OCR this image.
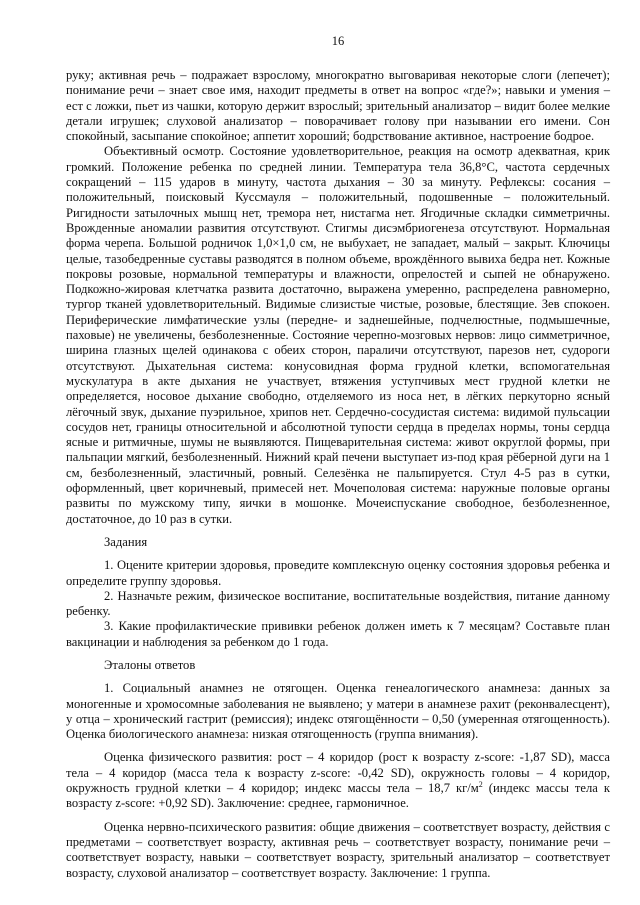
16

руку; активная речь – подражает взрослому, многократно выговаривая некоторые слоги (лепечет); понимание речи – знает свое имя, находит предметы в ответ на вопрос «где?»; навыки и умения – ест с ложки, пьет из чашки, которую держит взрослый; зрительный анализатор – видит более мелкие детали игрушек; слуховой анализатор – поворачивает голову при назывании его имени. Сон спокойный, засыпание спокойное; аппетит хороший; бодрствование активное, настроение бодрое.

Объективный осмотр. Состояние удовлетворительное, реакция на осмотр адекватная, крик громкий. Положение ребенка по средней линии. Температура тела 36,8°С, частота сердечных сокращений – 115 ударов в минуту, частота дыхания – 30 за минуту. Рефлексы: сосания – положительный, поисковый Куссмауля – положительный, подошвенные – положительный. Ригидности затылочных мышц нет, тремора нет, нистагма нет. Ягодичные складки симметричны. Врожденные аномалии развития отсутствуют. Стигмы дисэмбриогенеза отсутствуют. Нормальная форма черепа. Большой родничок 1,0×1,0 см, не выбухает, не западает, малый – закрыт. Ключицы целые, тазобедренные суставы разводятся в полном объеме, врождённого вывиха бедра нет. Кожные покровы розовые, нормальной температуры и влажности, опрелостей и сыпей не обнаружено. Подкожно-жировая клетчатка развита достаточно, выражена умеренно, распределена равномерно, тургор тканей удовлетворительный. Видимые слизистые чистые, розовые, блестящие. Зев спокоен. Периферические лимфатические узлы (передне- и заднешейные, подчелюстные, подмышечные, паховые) не увеличены, безболезненные. Состояние черепно-мозговых нервов: лицо симметричное, ширина глазных щелей одинакова с обеих сторон, параличи отсутствуют, парезов нет, судороги отсутствуют. Дыхательная система: конусовидная форма грудной клетки, вспомогательная мускулатура в акте дыхания не участвует, втяжения уступчивых мест грудной клетки не определяется, носовое дыхание свободно, отделяемого из носа нет, в лёгких перкуторно ясный лёгочный звук, дыхание пуэрильное, хрипов нет. Сердечно-сосудистая система: видимой пульсации сосудов нет, границы относительной и абсолютной тупости сердца в пределах нормы, тоны сердца ясные и ритмичные, шумы не выявляются. Пищеварительная система: живот округлой формы, при пальпации мягкий, безболезненный. Нижний край печени выступает из-под края рёберной дуги на 1 см, безболезненный, эластичный, ровный. Селезёнка не пальпируется. Стул 4-5 раз в сутки, оформленный, цвет коричневый, примесей нет. Мочеполовая система: наружные половые органы развиты по мужскому типу, яички в мошонке. Мочеиспускание свободное, безболезненное, достаточное, до 10 раз в сутки.

Задания

1. Оцените критерии здоровья, проведите комплексную оценку состояния здоровья ребенка и определите группу здоровья.

2. Назначьте режим, физическое воспитание, воспитательные воздействия, питание данному ребенку.

3. Какие профилактические прививки ребенок должен иметь к 7 месяцам? Составьте план вакцинации и наблюдения за ребенком до 1 года.

Эталоны ответов

1. Социальный анамнез не отягощен. Оценка генеалогического анамнеза: данных за моногенные и хромосомные заболевания не выявлено; у матери в анамнезе рахит (реконвалесцент), у отца – хронический гастрит (ремиссия); индекс отягощённости – 0,50 (умеренная отягощенность). Оценка биологического анамнеза: низкая отягощенность (группа внимания).

Оценка физического развития: рост – 4 коридор (рост к возрасту z-score: -1,87 SD), масса тела – 4 коридор (масса тела к возрасту z-score: -0,42 SD), окружность головы – 4 коридор, окружность грудной клетки – 4 коридор; индекс массы тела – 18,7 $кг/м^2$ (индекс массы тела к возрасту z-score: +0,92 SD). Заключение: среднее, гармоничное.

Оценка нервно-психического развития: общие движения – соответствует возрасту, действия с предметами – соответствует возрасту, активная речь – соответствует возрасту, понимание речи – соответствует возрасту, навыки – соответствует возрасту, зрительный анализатор – соответствует возрасту, слуховой анализатор – соответствует возрасту. Заключение: 1 группа.
